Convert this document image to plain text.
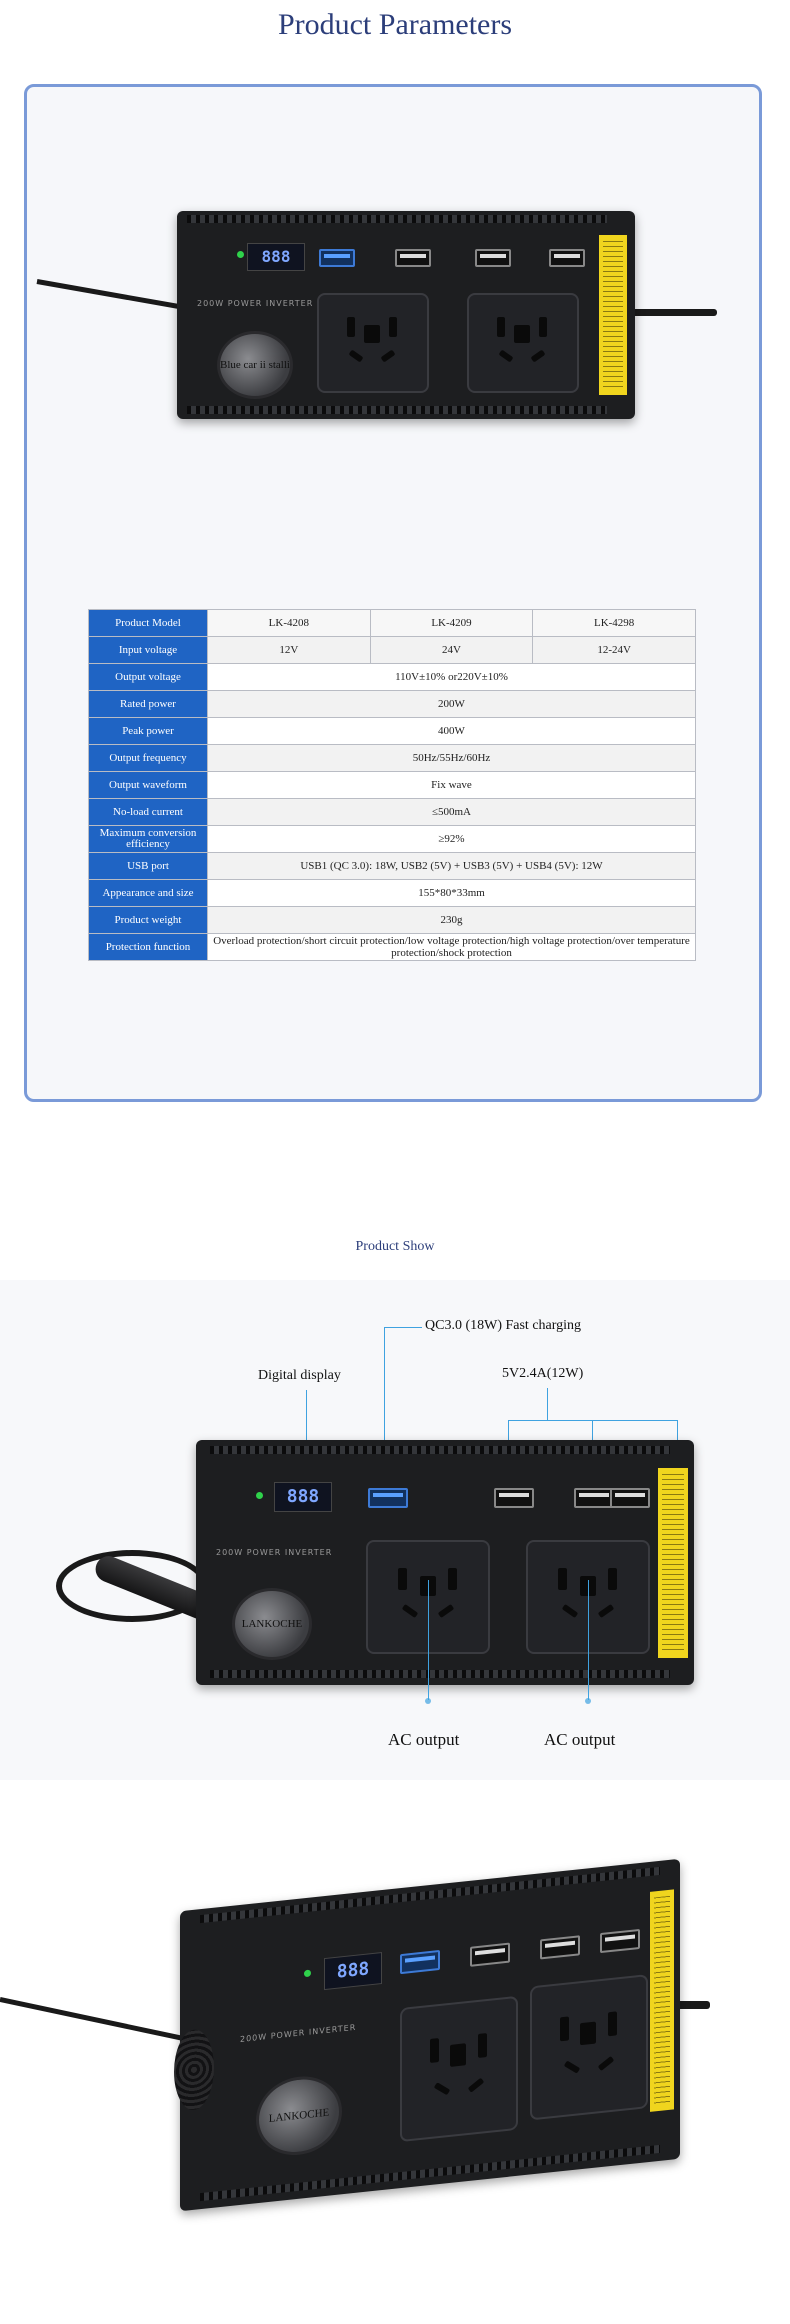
Product Parameters
888
200W POWER INVERTER
Blue car ii stalli
Product Model	LK-4208	LK-4209	LK-4298
Input voltage	12V	24V	12-24V
Output voltage	110V±10% or220V±10%		
Rated power	200W		
Peak power	400W		
Output frequency	50Hz/55Hz/60Hz		
Output waveform	Fix wave		
No-load current	≤500mA		
Maximum conversion efficiency	≥92%		
USB port	USB1 (QC 3.0): 18W, USB2 (5V) + USB3 (5V) + USB4 (5V): 12W		
Appearance and size	155*80*33mm		
Product weight	230g		
Protection function	Overload protection/short circuit protection/low voltage protection/high voltage protection/over temperature protection/shock protection		
Product Show
QC3.0 (18W) Fast charging
Digital display	5V2.4A(12W)
888
200W POWER INVERTER
LANKOCHE
AC output	AC output
888
200W POWER INVERTER
LANKOCHE
